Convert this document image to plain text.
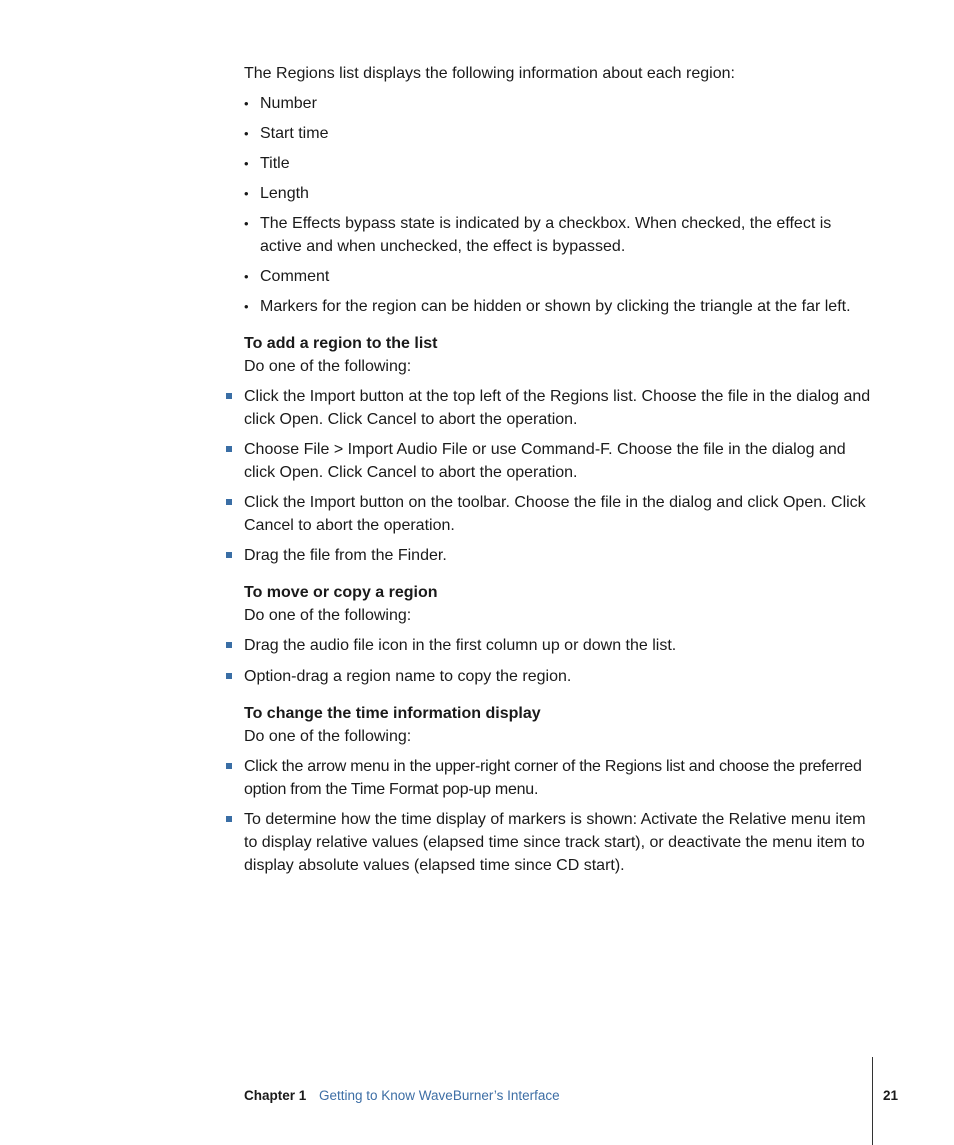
The Regions list displays the following information about each region:

• Number
• Start time
• Title
• Length
• The Effects bypass state is indicated by a checkbox. When checked, the effect is active and when unchecked, the effect is bypassed.
• Comment
• Markers for the region can be hidden or shown by clicking the triangle at the far left.

To add a region to the list

Do one of the following:

Click the Import button at the top left of the Regions list. Choose the file in the dialog and click Open. Click Cancel to abort the operation.
Choose File > Import Audio File or use Command-F. Choose the file in the dialog and click Open. Click Cancel to abort the operation.
Click the Import button on the toolbar. Choose the file in the dialog and click Open. Click Cancel to abort the operation.
Drag the file from the Finder.

To move or copy a region

Do one of the following:

Drag the audio file icon in the first column up or down the list.
Option-drag a region name to copy the region.

To change the time information display

Do one of the following:

Click the arrow menu in the upper-right corner of the Regions list and choose the preferred option from the Time Format pop-up menu.
To determine how the time display of markers is shown: Activate the Relative menu item to display relative values (elapsed time since track start), or deactivate the menu item to display absolute values (elapsed time since CD start).
Chapter 1 Getting to Know WaveBurner’s Interface	21
